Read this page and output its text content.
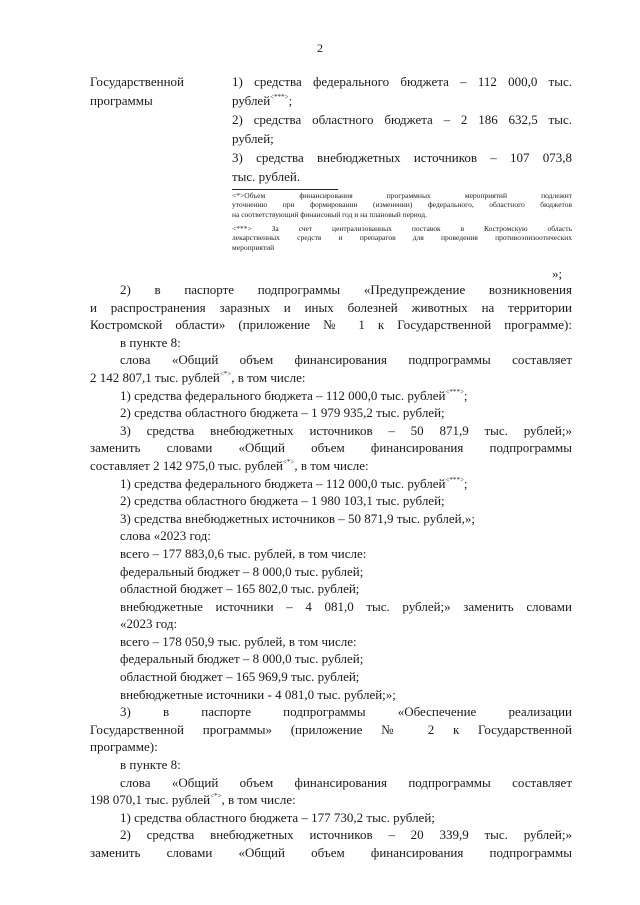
2
Государственной
программы
1) средства федерального бюджета – 112 000,0 тыс.
рублей<***>;
2) средства областного бюджета – 2 186 632,5 тыс.
рублей;
3) средства внебюджетных источников – 107 073,8
тыс. рублей.
<*>Объем финансирования программных мероприятий подлежит
уточнению при формировании (изменении) федерального, областного бюджетов
на соответствующий финансовый год и на плановый период.
<***> За счет централизованных поставок в Костромскую область
лекарственных средств и препаратов для проведения противоэпизоотических
мероприятий
»;
2) в паспорте подпрограммы «Предупреждение возникновения
и распространения заразных и иных болезней животных на территории
Костромской области» (приложение № 1 к Государственной программе):
в пункте 8:
слова «Общий объем финансирования подпрограммы составляет
2 142 807,1 тыс. рублей<*>, в том числе:
1) средства федерального бюджета – 112 000,0 тыс. рублей<***>;
2) средства областного бюджета – 1 979 935,2 тыс. рублей;
3) средства внебюджетных источников – 50 871,9 тыс. рублей;»
заменить словами «Общий объем финансирования подпрограммы
составляет 2 142 975,0 тыс. рублей<*>, в том числе:
1) средства федерального бюджета – 112 000,0 тыс. рублей<***>;
2) средства областного бюджета – 1 980 103,1 тыс. рублей;
3) средства внебюджетных источников – 50 871,9 тыс. рублей,»;
слова «2023 год:
всего – 177 883,0,6 тыс. рублей, в том числе:
федеральный бюджет – 8 000,0 тыс. рублей;
областной бюджет – 165 802,0 тыс. рублей;
внебюджетные источники – 4 081,0 тыс. рублей;» заменить словами
«2023 год:
всего – 178 050,9 тыс. рублей, в том числе:
федеральный бюджет – 8 000,0 тыс. рублей;
областной бюджет – 165 969,9 тыс. рублей;
внебюджетные источники - 4 081,0 тыс. рублей;»;
3) в паспорте подпрограммы «Обеспечение реализации
Государственной программы» (приложение № 2 к Государственной
программе):
в пункте 8:
слова «Общий объем финансирования подпрограммы составляет
198 070,1 тыс. рублей<*>, в том числе:
1) средства областного бюджета – 177 730,2 тыс. рублей;
2) средства внебюджетных источников – 20 339,9 тыс. рублей;»
заменить словами «Общий объем финансирования подпрограммы
